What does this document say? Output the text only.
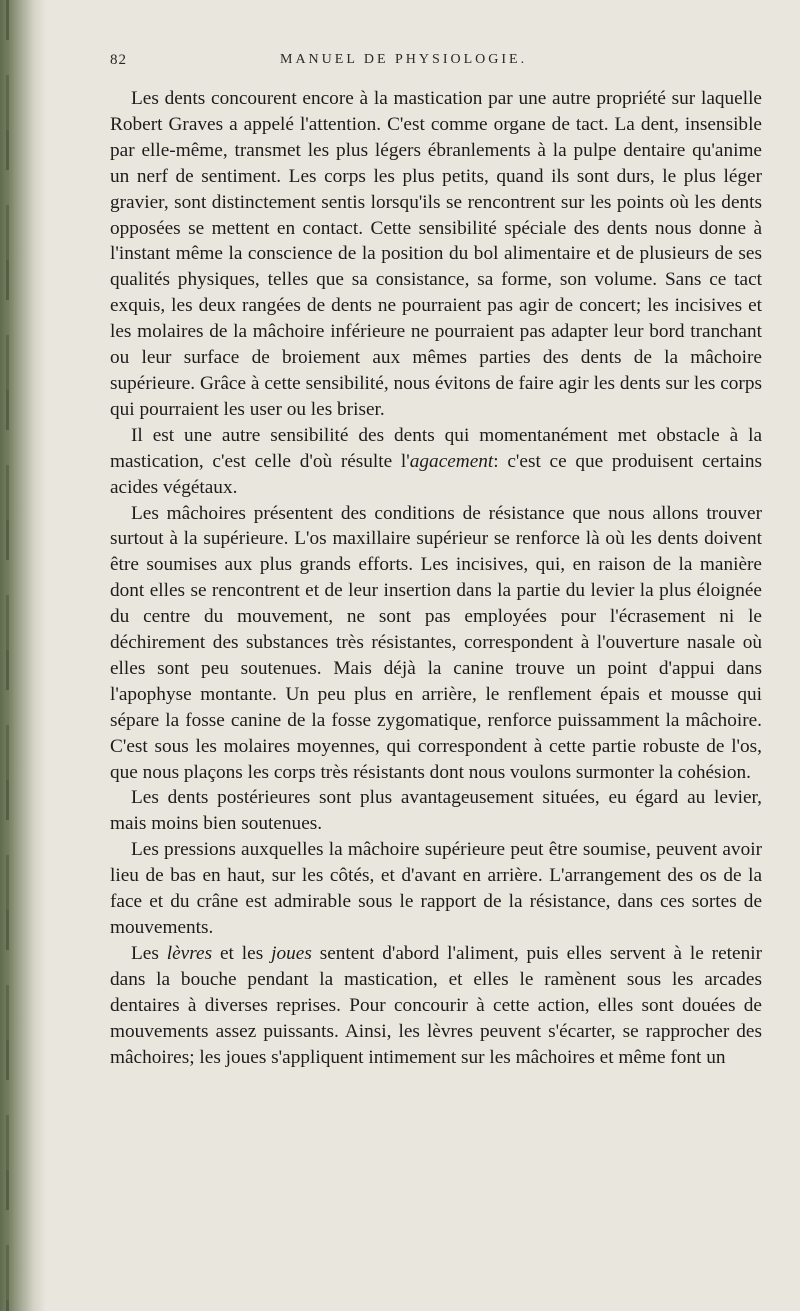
82	MANUEL DE PHYSIOLOGIE.

Les dents concourent encore à la mastication par une autre propriété sur laquelle Robert Graves a appelé l'attention. C'est comme organe de tact. La dent, insensible par elle-même, transmet les plus légers ébranlements à la pulpe dentaire qu'anime un nerf de sentiment. Les corps les plus petits, quand ils sont durs, le plus léger gravier, sont distinctement sentis lorsqu'ils se rencontrent sur les points où les dents opposées se mettent en contact. Cette sensibilité spéciale des dents nous donne à l'instant même la conscience de la position du bol alimentaire et de plusieurs de ses qualités physiques, telles que sa consistance, sa forme, son volume. Sans ce tact exquis, les deux rangées de dents ne pourraient pas agir de concert; les incisives et les molaires de la mâchoire inférieure ne pourraient pas adapter leur bord tranchant ou leur surface de broiement aux mêmes parties des dents de la mâchoire supérieure. Grâce à cette sensibilité, nous évitons de faire agir les dents sur les corps qui pourraient les user ou les briser.

Il est une autre sensibilité des dents qui momentanément met obstacle à la mastication, c'est celle d'où résulte l'agacement: c'est ce que produisent certains acides végétaux.

Les mâchoires présentent des conditions de résistance que nous allons trouver surtout à la supérieure. L'os maxillaire supérieur se renforce là où les dents doivent être soumises aux plus grands efforts. Les incisives, qui, en raison de la manière dont elles se rencontrent et de leur insertion dans la partie du levier la plus éloignée du centre du mouvement, ne sont pas employées pour l'écrasement ni le déchirement des substances très résistantes, correspondent à l'ouverture nasale où elles sont peu soutenues. Mais déjà la canine trouve un point d'appui dans l'apophyse montante. Un peu plus en arrière, le renflement épais et mousse qui sépare la fosse canine de la fosse zygomatique, renforce puissamment la mâchoire. C'est sous les molaires moyennes, qui correspondent à cette partie robuste de l'os, que nous plaçons les corps très résistants dont nous voulons surmonter la cohésion.

Les dents postérieures sont plus avantageusement situées, eu égard au levier, mais moins bien soutenues.

Les pressions auxquelles la mâchoire supérieure peut être soumise, peuvent avoir lieu de bas en haut, sur les côtés, et d'avant en arrière. L'arrangement des os de la face et du crâne est admirable sous le rapport de la résistance, dans ces sortes de mouvements.

Les lèvres et les joues sentent d'abord l'aliment, puis elles servent à le retenir dans la bouche pendant la mastication, et elles le ramènent sous les arcades dentaires à diverses reprises. Pour concourir à cette action, elles sont douées de mouvements assez puissants. Ainsi, les lèvres peuvent s'écarter, se rapprocher des mâchoires; les joues s'appliquent intimement sur les mâchoires et même font un
